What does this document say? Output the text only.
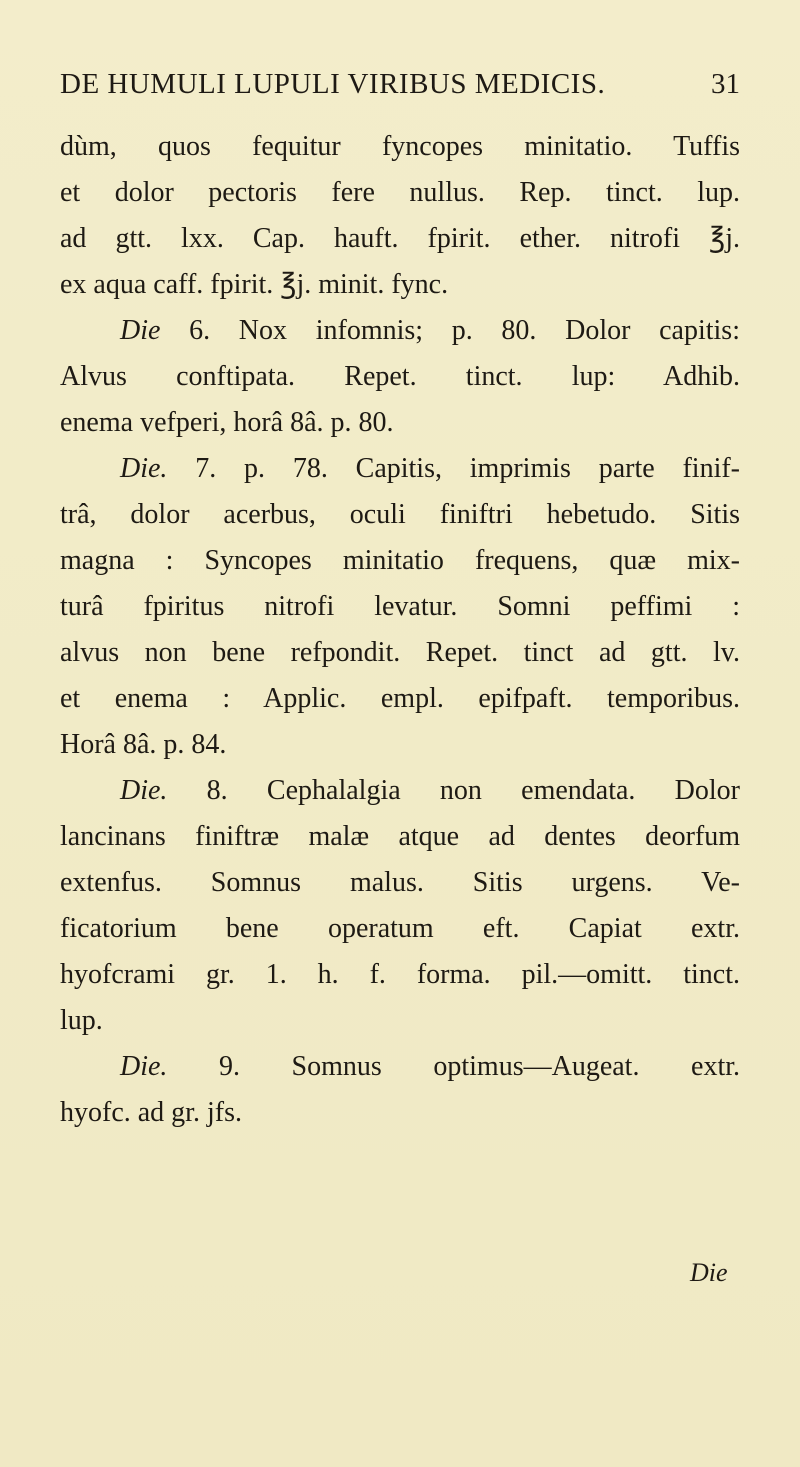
DE HUMULI LUPULI VIRIBUS MEDICIS.	31
dùm, quos fequitur fyncopes minitatio. Tuffis
et dolor pectoris fere nullus. Rep. tinct. lup.
ad gtt. lxx. Cap. hauft. fpirit. ether. nitrofi ℥j.
ex aqua caff. fpirit. ℥j. minit. fync.
Die 6. Nox infomnis; p. 80. Dolor capitis:
Alvus conftipata. Repet. tinct. lup: Adhib.
enema vefperi, horâ 8â. p. 80.
Die. 7. p. 78. Capitis, imprimis parte finif-
trâ, dolor acerbus, oculi finiftri hebetudo. Sitis
magna : Syncopes minitatio frequens, quæ mix-
turâ fpiritus nitrofi levatur. Somni peffimi :
alvus non bene refpondit. Repet. tinct ad gtt. lv.
et enema : Applic. empl. epifpaft. temporibus.
Horâ 8â. p. 84.
Die. 8. Cephalalgia non emendata. Dolor
lancinans finiftræ malæ atque ad dentes deorfum
extenfus. Somnus malus. Sitis urgens. Ve-
ficatorium bene operatum eft. Capiat extr.
hyofcrami gr. 1. h. f. forma. pil.—omitt. tinct.
lup.
Die. 9. Somnus optimus—Augeat. extr.
hyofc. ad gr. jfs.
Die
